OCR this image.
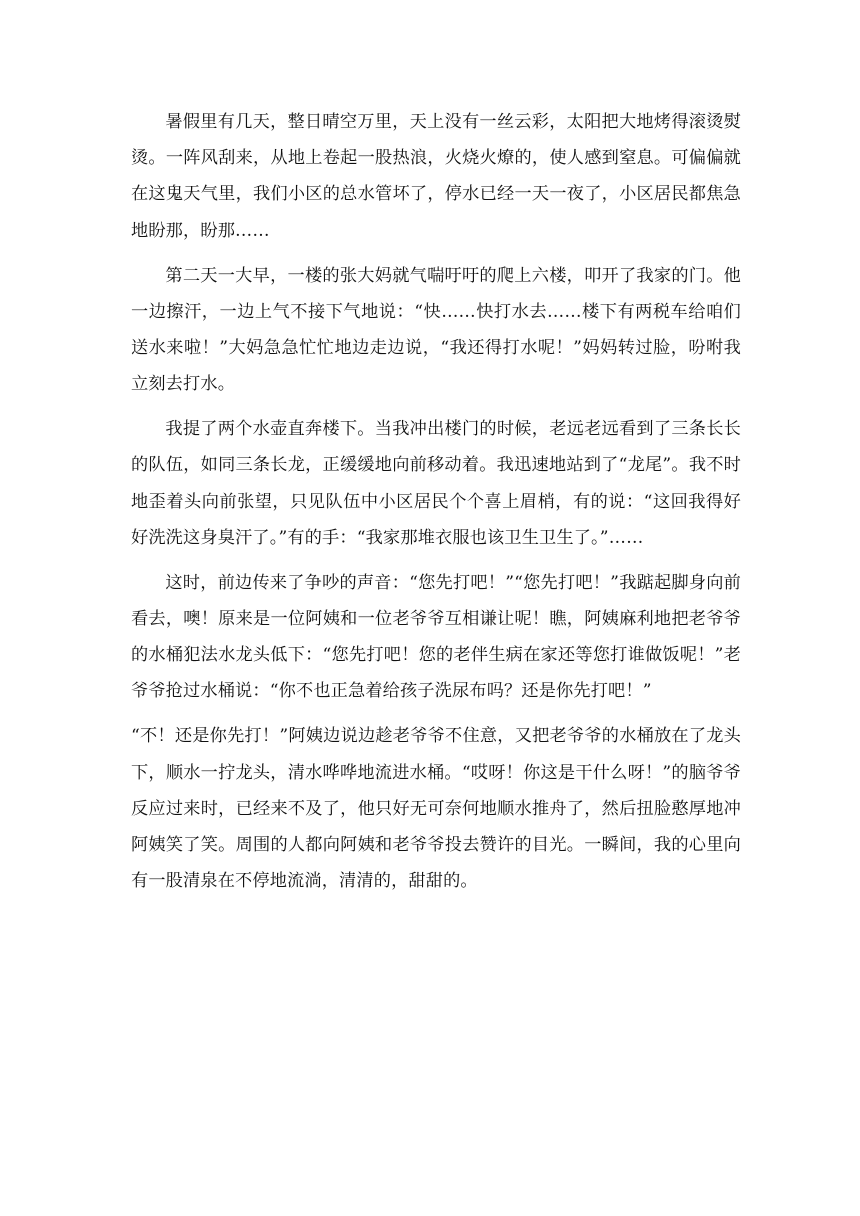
暑假里有几天，整日晴空万里，天上没有一丝云彩，太阳把大地烤得滚烫熨烫。一阵风刮来，从地上卷起一股热浪，火烧火燎的，使人感到窒息。可偏偏就在这鬼天气里，我们小区的总水管坏了，停水已经一天一夜了，小区居民都焦急地盼那，盼那……

第二天一大早，一楼的张大妈就气喘吁吁的爬上六楼，叩开了我家的门。他一边擦汗，一边上气不接下气地说：“快……快打水去……楼下有两税车给咱们送水来啦！”大妈急急忙忙地边走边说，“我还得打水呢！”妈妈转过脸，吩咐我立刻去打水。

我提了两个水壶直奔楼下。当我冲出楼门的时候，老远老远看到了三条长长的队伍，如同三条长龙，正缓缓地向前移动着。我迅速地站到了“龙尾”。我不时地歪着头向前张望，只见队伍中小区居民个个喜上眉梢，有的说：“这回我得好好洗洗这身臭汗了。”有的手：“我家那堆衣服也该卫生卫生了。”……

这时，前边传来了争吵的声音：“您先打吧！”“您先打吧！”我踮起脚身向前看去，噢！原来是一位阿姨和一位老爷爷互相谦让呢！瞧，阿姨麻利地把老爷爷的水桶犯法水龙头低下：“您先打吧！您的老伴生病在家还等您打谁做饭呢！”老爷爷抢过水桶说：“你不也正急着给孩子洗尿布吗？还是你先打吧！”

“不！还是你先打！”阿姨边说边趁老爷爷不住意，又把老爷爷的水桶放在了龙头下，顺水一拧龙头，清水哗哗地流进水桶。“哎呀！你这是干什么呀！”的脑爷爷反应过来时，已经来不及了，他只好无可奈何地顺水推舟了，然后扭脸憨厚地冲阿姨笑了笑。周围的人都向阿姨和老爷爷投去赞许的目光。一瞬间，我的心里向有一股清泉在不停地流淌，清清的，甜甜的。
